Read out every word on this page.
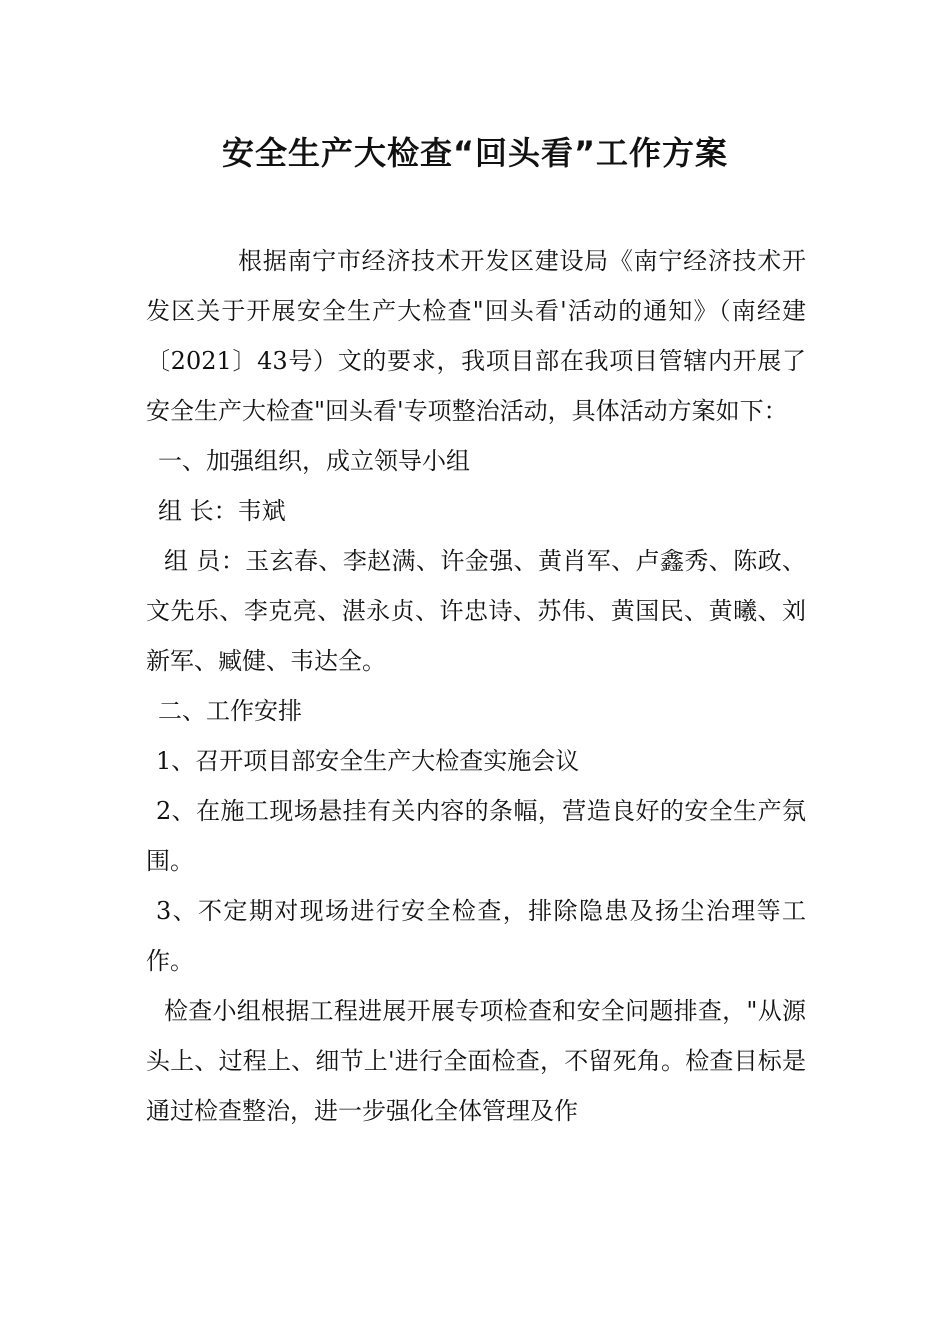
安全生产大检查“回头看”工作方案

根据南宁市经济技术开发区建设局《南宁经济技术开发区关于开展安全生产大检查"回头看'活动的通知》（南经建〔2021〕43号）文的要求，我项目部在我项目管辖内开展了安全生产大检查"回头看'专项整治活动，具体活动方案如下：

一、加强组织，成立领导小组

组 长：韦斌

组 员：玉玄春、李赵满、许金强、黄肖军、卢鑫秀、陈政、文先乐、李克亮、湛永贞、许忠诗、苏伟、黄国民、黄曦、刘新军、臧健、韦达全。

二、工作安排

1、召开项目部安全生产大检查实施会议

2、在施工现场悬挂有关内容的条幅，营造良好的安全生产氛围。

3、不定期对现场进行安全检查，排除隐患及扬尘治理等工作。

检查小组根据工程进展开展专项检查和安全问题排查，"从源头上、过程上、细节上'进行全面检查，不留死角。检查目标是通过检查整治，进一步强化全体管理及作
